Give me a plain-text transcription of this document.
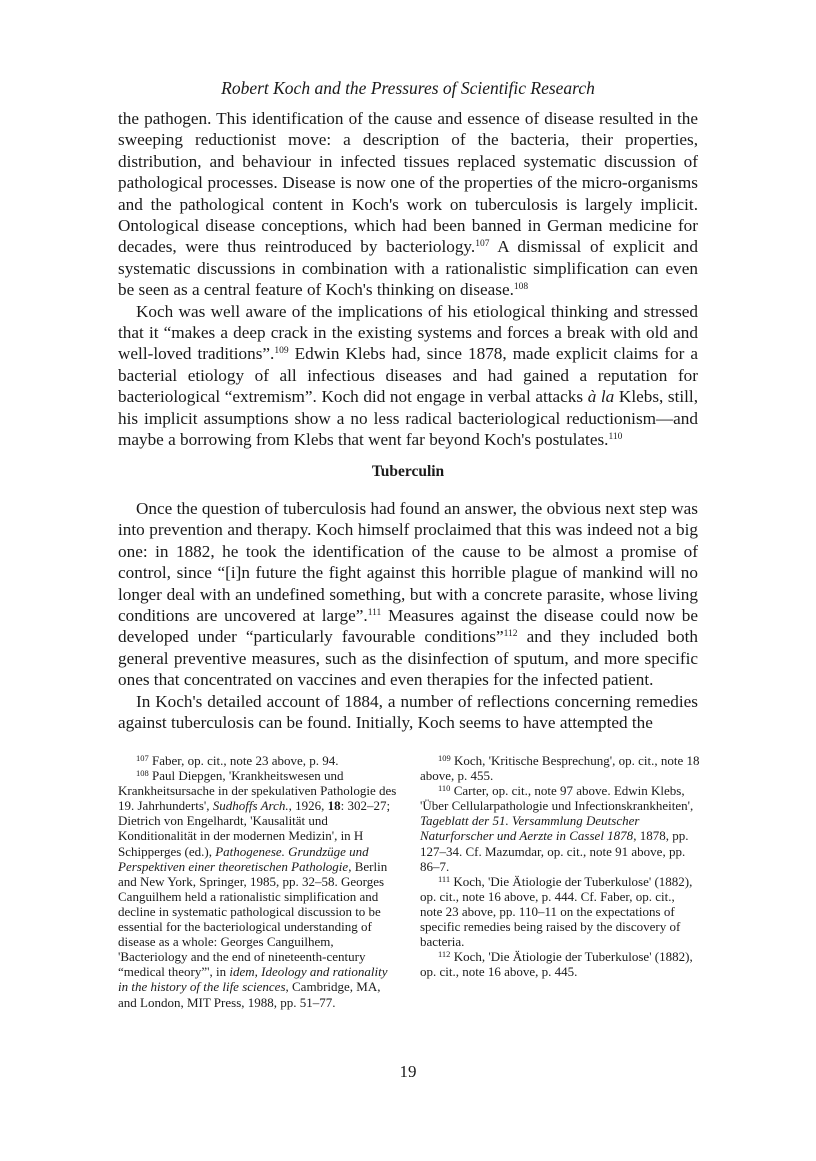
Robert Koch and the Pressures of Scientific Research

the pathogen. This identification of the cause and essence of disease resulted in the sweeping reductionist move: a description of the bacteria, their properties, distribution, and behaviour in infected tissues replaced systematic discussion of pathological processes. Disease is now one of the properties of the micro-organisms and the pathological content in Koch's work on tuberculosis is largely implicit. Ontological disease conceptions, which had been banned in German medicine for decades, were thus reintroduced by bacteriology.$^{107}$ A dismissal of explicit and systematic discussions in combination with a rationalistic simplification can even be seen as a central feature of Koch's thinking on disease.$^{108}$

Koch was well aware of the implications of his etiological thinking and stressed that it “makes a deep crack in the existing systems and forces a break with old and well-loved traditions”.$^{109}$ Edwin Klebs had, since 1878, made explicit claims for a bacterial etiology of all infectious diseases and had gained a reputation for bacteriological “extremism”. Koch did not engage in verbal attacks à la Klebs, still, his implicit assumptions show a no less radical bacteriological reductionism—and maybe a borrowing from Klebs that went far beyond Koch's postulates.$^{110}$

Tuberculin

Once the question of tuberculosis had found an answer, the obvious next step was into prevention and therapy. Koch himself proclaimed that this was indeed not a big one: in 1882, he took the identification of the cause to be almost a promise of control, since “[i]n future the fight against this horrible plague of mankind will no longer deal with an undefined something, but with a concrete parasite, whose living conditions are uncovered at large”.$^{111}$ Measures against the disease could now be developed under “particularly favourable conditions”$^{112}$ and they included both general preventive measures, such as the disinfection of sputum, and more specific ones that concentrated on vaccines and even therapies for the infected patient.

In Koch's detailed account of 1884, a number of reflections concerning remedies against tuberculosis can be found. Initially, Koch seems to have attempted the

$^{107}$ Faber, op. cit., note 23 above, p. 94.

$^{108}$ Paul Diepgen, 'Krankheitswesen und Krankheitsursache in der spekulativen Pathologie des 19. Jahrhunderts', Sudhoffs Arch., 1926, 18: 302–27; Dietrich von Engelhardt, 'Kausalität und Konditionalität in der modernen Medizin', in H Schipperges (ed.), Pathogenese. Grundzüge und Perspektiven einer theoretischen Pathologie, Berlin and New York, Springer, 1985, pp. 32–58. Georges Canguilhem held a rationalistic simplification and decline in systematic pathological discussion to be essential for the bacteriological understanding of disease as a whole: Georges Canguilhem, 'Bacteriology and the end of nineteenth-century “medical theory”', in idem, Ideology and rationality in the history of the life sciences, Cambridge, MA, and London, MIT Press, 1988, pp. 51–77.

$^{109}$ Koch, 'Kritische Besprechung', op. cit., note 18 above, p. 455.

$^{110}$ Carter, op. cit., note 97 above. Edwin Klebs, 'Über Cellularpathologie und Infectionskrankheiten', Tageblatt der 51. Versammlung Deutscher Naturforscher und Aerzte in Cassel 1878, 1878, pp. 127–34. Cf. Mazumdar, op. cit., note 91 above, pp. 86–7.

$^{111}$ Koch, 'Die Ätiologie der Tuberkulose' (1882), op. cit., note 16 above, p. 444. Cf. Faber, op. cit., note 23 above, pp. 110–11 on the expectations of specific remedies being raised by the discovery of bacteria.

$^{112}$ Koch, 'Die Ätiologie der Tuberkulose' (1882), op. cit., note 16 above, p. 445.

19
